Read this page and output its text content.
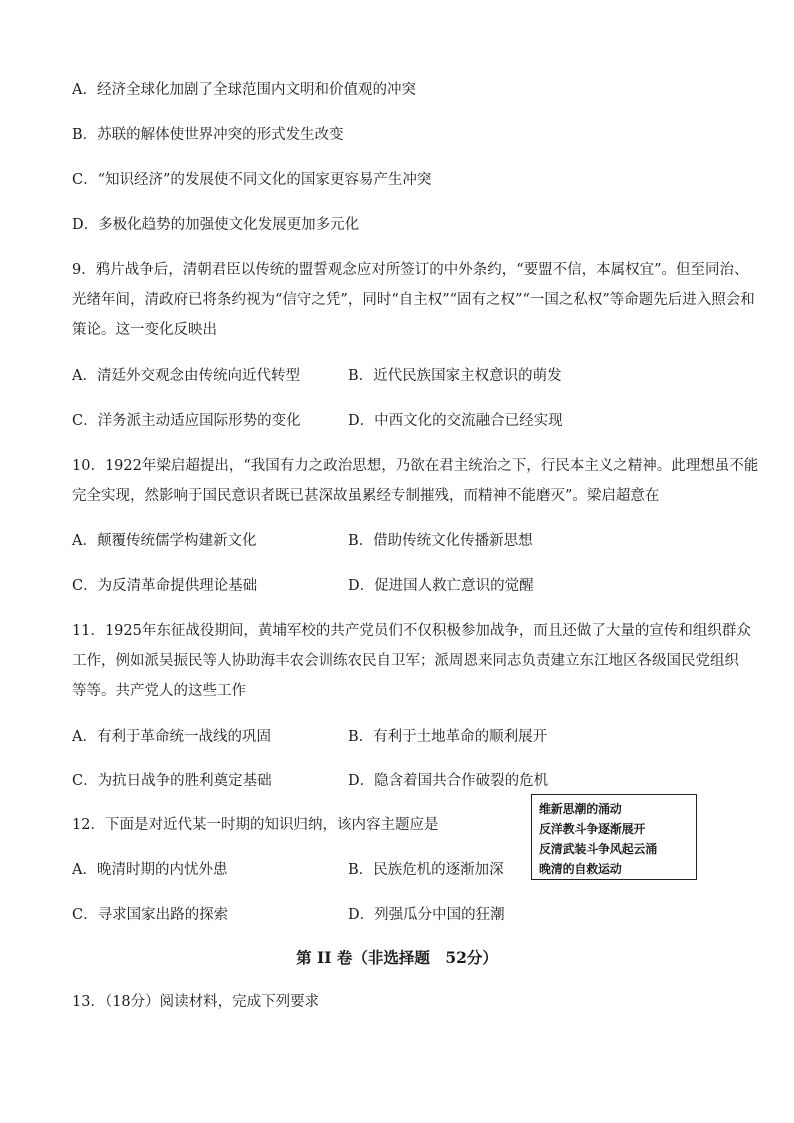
A．经济全球化加剧了全球范围内文明和价值观的冲突
B．苏联的解体使世界冲突的形式发生改变
C．“知识经济”的发展使不同文化的国家更容易产生冲突
D．多极化趋势的加强使文化发展更加多元化
9．鸦片战争后，清朝君臣以传统的盟誓观念应对所签订的中外条约，“要盟不信，本属权宜”。但至同治、
光绪年间，清政府已将条约视为“信守之凭”，同时“自主权”“固有之权”“一国之私权”等命题先后进入照会和
策论。这一变化反映出
A．清廷外交观念由传统向近代转型	B．近代民族国家主权意识的萌发
C．洋务派主动适应国际形势的变化	D．中西文化的交流融合已经实现
10．1922年梁启超提出，“我国有力之政治思想，乃欲在君主统治之下，行民本主义之精神。此理想虽不能
完全实现，然影响于国民意识者既已甚深故虽累经专制摧残，而精神不能磨灭”。梁启超意在
A．颠覆传统儒学构建新文化	B．借助传统文化传播新思想
C．为反清革命提供理论基础	D．促进国人救亡意识的觉醒
11．1925年东征战役期间，黄埔军校的共产党员们不仅积极参加战争，而且还做了大量的宣传和组织群众
工作，例如派吴振民等人协助海丰农会训练农民自卫军；派周恩来同志负责建立东江地区各级国民党组织
等等。共产党人的这些工作
A．有利于革命统一战线的巩固	B．有利于土地革命的顺利展开
C．为抗日战争的胜利奠定基础	D．隐含着国共合作破裂的危机
12．下面是对近代某一时期的知识归纳，该内容主题应是
维新思潮的涌动
反洋教斗争逐渐展开
反清武装斗争风起云涌
晚清的自救运动
A．晚清时期的内忧外患	B．民族危机的逐渐加深
C．寻求国家出路的探索	D．列强瓜分中国的狂潮
第 II 卷（非选择题　52分）
13．（18分）阅读材料，完成下列要求
